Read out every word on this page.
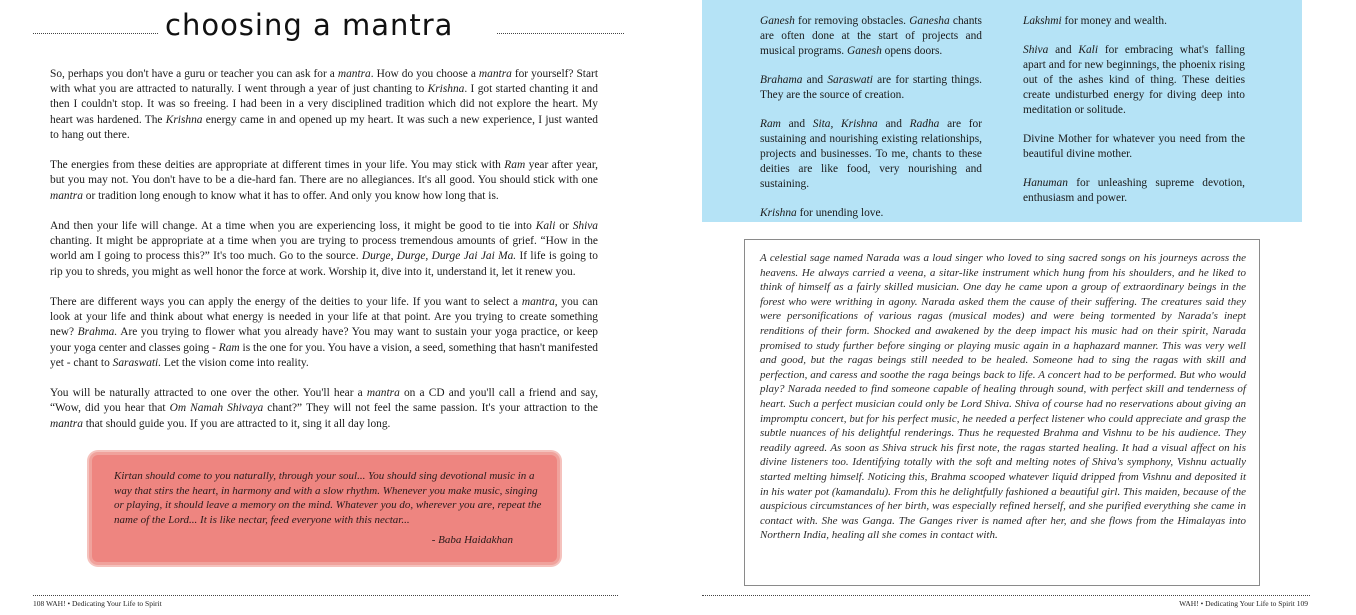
choosing a mantra

So, perhaps you don't have a guru or teacher you can ask for a mantra. How do you choose a mantra for yourself? Start with what you are attracted to naturally. I went through a year of just chanting to Krishna. I got started chanting it and then I couldn't stop. It was so freeing. I had been in a very disciplined tradition which did not explore the heart. My heart was hardened. The Krishna energy came in and opened up my heart. It was such a new experience, I just wanted to hang out there.

The energies from these deities are appropriate at different times in your life. You may stick with Ram year after year, but you may not. You don't have to be a die-hard fan. There are no allegiances. It's all good. You should stick with one mantra or tradition long enough to know what it has to offer. And only you know how long that is.

And then your life will change. At a time when you are experiencing loss, it might be good to tie into Kali or Shiva chanting. It might be appropriate at a time when you are trying to process tremendous amounts of grief. “How in the world am I going to process this?” It's too much. Go to the source. Durge, Durge, Durge Jai Jai Ma. If life is going to rip you to shreds, you might as well honor the force at work. Worship it, dive into it, understand it, let it renew you.

There are different ways you can apply the energy of the deities to your life. If you want to select a mantra, you can look at your life and think about what energy is needed in your life at that point. Are you trying to create something new? Brahma. Are you trying to flower what you already have? You may want to sustain your yoga practice, or keep your yoga center and classes going - Ram is the one for you. You have a vision, a seed, something that hasn't manifested yet - chant to Saraswati. Let the vision come into reality.

You will be naturally attracted to one over the other. You'll hear a mantra on a CD and you'll call a friend and say, “Wow, did you hear that Om Namah Shivaya chant?” They will not feel the same passion. It's your attraction to the mantra that should guide you. If you are attracted to it, sing it all day long.

Kirtan should come to you naturally, through your soul... You should sing devotional music in a way that stirs the heart, in harmony and with a slow rhythm. Whenever you make music, singing or playing, it should leave a memory on the mind. Whatever you do, wherever you are, repeat the name of the Lord... It is like nectar, feed everyone with this nectar...
- Baba Haidakhan
108 WAH! • Dedicating Your Life to Spirit

Ganesh for removing obstacles. Ganesha chants are often done at the start of projects and musical programs. Ganesh opens doors.

Brahama and Saraswati are for starting things. They are the source of creation.

Ram and Sita, Krishna and Radha are for sustaining and nourishing existing relationships, projects and businesses. To me, chants to these deities are like food, very nourishing and sustaining.

Krishna for unending love.

Lakshmi for money and wealth.

Shiva and Kali for embracing what's falling apart and for new beginnings, the phoenix rising out of the ashes kind of thing. These deities create undisturbed energy for diving deep into meditation or solitude.

Divine Mother for whatever you need from the beautiful divine mother.

Hanuman for unleashing supreme devotion, enthusiasm and power.

A celestial sage named Narada was a loud singer who loved to sing sacred songs on his journeys across the heavens. He always carried a veena, a sitar-like instrument which hung from his shoulders, and he liked to think of himself as a fairly skilled musician. One day he came upon a group of extraordinary beings in the forest who were writhing in agony. Narada asked them the cause of their suffering. The creatures said they were personifications of various ragas (musical modes) and were being tormented by Narada's inept renditions of their form. Shocked and awakened by the deep impact his music had on their spirit, Narada promised to study further before singing or playing music again in a haphazard manner. This was very well and good, but the ragas beings still needed to be healed. Someone had to sing the ragas with skill and perfection, and caress and soothe the raga beings back to life. A concert had to be performed. But who would play? Narada needed to find someone capable of healing through sound, with perfect skill and tenderness of heart. Such a perfect musician could only be Lord Shiva. Shiva of course had no reservations about giving an impromptu concert, but for his perfect music, he needed a perfect listener who could appreciate and grasp the subtle nuances of his delightful renderings. Thus he requested Brahma and Vishnu to be his audience. They readily agreed. As soon as Shiva struck his first note, the ragas started healing. It had a visual affect on his divine listeners too. Identifying totally with the soft and melting notes of Shiva's symphony, Vishnu actually started melting himself. Noticing this, Brahma scooped whatever liquid dripped from Vishnu and deposited it in his water pot (kamandalu). From this he delightfully fashioned a beautiful girl. This maiden, because of the auspicious circumstances of her birth, was especially refined herself, and she purified everything she came in contact with. She was Ganga. The Ganges river is named after her, and she flows from the Himalayas into Northern India, healing all she comes in contact with.
WAH! • Dedicating Your Life to Spirit 109
